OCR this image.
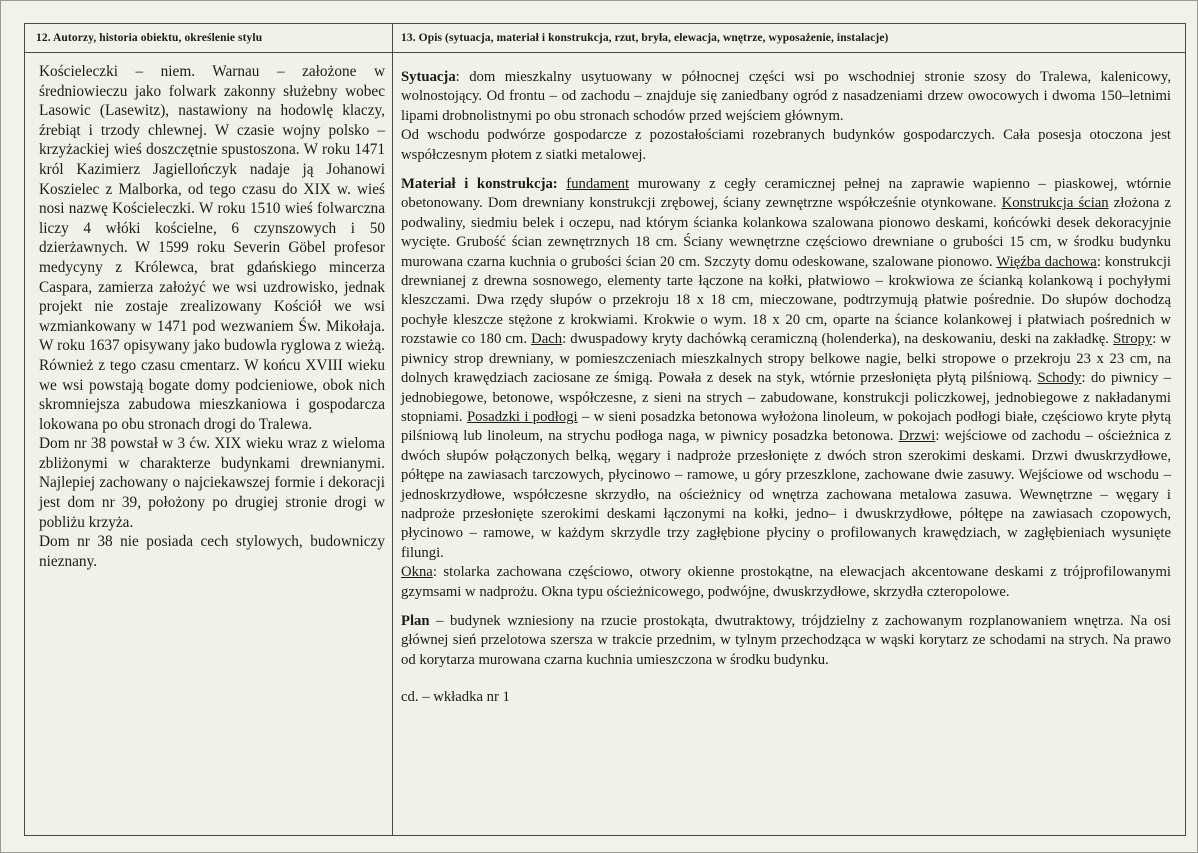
12. Autorzy, historia obiektu, określenie stylu	13. Opis (sytuacja, materiał i konstrukcja, rzut, bryła, elewacja, wnętrze, wyposażenie, instalacje)

Kościeleczki – niem. Warnau – założone w średniowieczu jako folwark zakonny służebny wobec Lasowic (Lasewitz), nastawiony na hodowlę klaczy, źrebiąt i trzody chlewnej. W czasie wojny polsko – krzyżackiej wieś doszczętnie spustoszona. W roku 1471 król Kazimierz Jagiellończyk nadaje ją Johanowi Koszielec z Malborka, od tego czasu do XIX w. wieś nosi nazwę Kościeleczki. W roku 1510 wieś folwarczna liczy 4 włóki kościelne, 6 czynszowych i 50 dzierżawnych. W 1599 roku Severin Göbel profesor medycyny z Królewca, brat gdańskiego mincerza Caspara, zamierza założyć we wsi uzdrowisko, jednak projekt nie zostaje zrealizowany Kościół we wsi wzmiankowany w 1471 pod wezwaniem Św. Mikołaja. W roku 1637 opisywany jako budowla ryglowa z wieżą. Również z tego czasu cmentarz. W końcu XVIII wieku we wsi powstają bogate domy podcieniowe, obok nich skromniejsza zabudowa mieszkaniowa i gospodarcza lokowana po obu stronach drogi do Tralewa.

Dom nr 38 powstał w 3 ćw. XIX wieku wraz z wieloma zbliżonymi w charakterze budynkami drewnianymi. Najlepiej zachowany o najciekawszej formie i dekoracji jest dom nr 39, położony po drugiej stronie drogi w pobliżu krzyża.

Dom nr 38 nie posiada cech stylowych, budowniczy nieznany.

Sytuacja: dom mieszkalny usytuowany w północnej części wsi po wschodniej stronie szosy do Tralewa, kalenicowy, wolnostojący. Od frontu – od zachodu – znajduje się zaniedbany ogród z nasadzeniami drzew owocowych i dwoma 150–letnimi lipami drobnolistnymi po obu stronach schodów przed wejściem głównym.

Od wschodu podwórze gospodarcze z pozostałościami rozebranych budynków gospodarczych. Cała posesja otoczona jest współczesnym płotem z siatki metalowej.

Materiał i konstrukcja: fundament murowany z cegły ceramicznej pełnej na zaprawie wapienno – piaskowej, wtórnie obetonowany. Dom drewniany konstrukcji zrębowej, ściany zewnętrzne współcześnie otynkowane. Konstrukcja ścian złożona z podwaliny, siedmiu belek i oczepu, nad którym ścianka kolankowa szalowana pionowo deskami, końcówki desek dekoracyjnie wycięte. Grubość ścian zewnętrznych 18 cm. Ściany wewnętrzne częściowo drewniane o grubości 15 cm, w środku budynku murowana czarna kuchnia o grubości ścian 20 cm. Szczyty domu odeskowane, szalowane pionowo. Więźba dachowa: konstrukcji drewnianej z drewna sosnowego, elementy tarte łączone na kołki, płatwiowo – krokwiowa ze ścianką kolankową i pochyłymi kleszczami. Dwa rzędy słupów o przekroju 18 x 18 cm, mieczowane, podtrzymują płatwie pośrednie. Do słupów dochodzą pochyłe kleszcze stężone z krokwiami. Krokwie o wym. 18 x 20 cm, oparte na ściance kolankowej i płatwiach pośrednich w rozstawie co 180 cm. Dach: dwuspadowy kryty dachówką ceramiczną (holenderka), na deskowaniu, deski na zakładkę. Stropy: w piwnicy strop drewniany, w pomieszczeniach mieszkalnych stropy belkowe nagie, belki stropowe o przekroju 23 x 23 cm, na dolnych krawędziach zaciosane ze śmigą. Powała z desek na styk, wtórnie przesłonięta płytą pilśniową. Schody: do piwnicy – jednobiegowe, betonowe, współczesne, z sieni na strych – zabudowane, konstrukcji policzkowej, jednobiegowe z nakładanymi stopniami. Posadzki i podłogi – w sieni posadzka betonowa wyłożona linoleum, w pokojach podłogi białe, częściowo kryte płytą pilśniową lub linoleum, na strychu podłoga naga, w piwnicy posadzka betonowa. Drzwi: wejściowe od zachodu – ościeżnica z dwóch słupów połączonych belką, węgary i nadproże przesłonięte z dwóch stron szerokimi deskami. Drzwi dwuskrzydłowe, półtępe na zawiasach tarczowych, płycinowo – ramowe, u góry przeszklone, zachowane dwie zasuwy. Wejściowe od wschodu – jednoskrzydłowe, współczesne skrzydło, na ościeżnicy od wnętrza zachowana metalowa zasuwa. Wewnętrzne – węgary i nadproże przesłonięte szerokimi deskami łączonymi na kołki, jedno– i dwuskrzydłowe, półtępe na zawiasach czopowych, płycinowo – ramowe, w każdym skrzydle trzy zagłębione płyciny o profilowanych krawędziach, w zagłębieniach wysunięte filungi.

Okna: stolarka zachowana częściowo, otwory okienne prostokątne, na elewacjach akcentowane deskami z trójprofilowanymi gzymsami w nadprożu. Okna typu ościeżnicowego, podwójne, dwuskrzydłowe, skrzydła czteropolowe.

Plan – budynek wzniesiony na rzucie prostokąta, dwutraktowy, trójdzielny z zachowanym rozplanowaniem wnętrza. Na osi głównej sień przelotowa szersza w trakcie przednim, w tylnym przechodząca w wąski korytarz ze schodami na strych. Na prawo od korytarza murowana czarna kuchnia umieszczona w środku budynku.

cd. – wkładka nr 1
